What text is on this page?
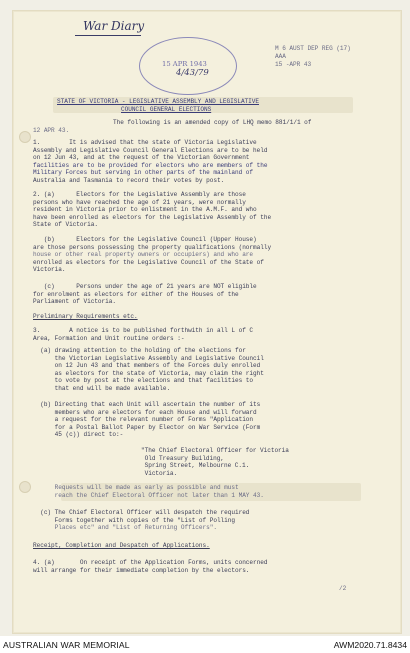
War Diary
15 APR 1943
4/43/79
M 6 AUST DEP REG (17)
AAA
15 -APR 43
STATE OF VICTORIA - LEGISLATIVE ASSEMBLY AND LEGISLATIVE
COUNCIL GENERAL ELECTIONS
The following is an amended copy of LHQ memo 881/1/1 of
12 APR 43.
1.        It is advised that the state of Victoria Legislative
Assembly and Legislative Council General Elections are to be held
on 12 Jun 43, and at the request of the Victorian Government
facilities are to be provided for electors who are members of the
Military Forces but serving in other parts of the mainland of
Australia and Tasmania to record their votes by post.
2. (a)      Electors for the Legislative Assembly are those
persons who have reached the age of 21 years, were normally
resident in Victoria prior to enlistment in the A.M.F. and who
have been enrolled as electors for the Legislative Assembly of the
State of Victoria.
(b)      Electors for the Legislative Council (Upper House)
are those persons possessing the property qualifications (normally
house or other real property owners or occupiers) and who are
enrolled as electors for the Legislative Council of the State of
Victoria.
(c)      Persons under the age of 21 years are NOT eligible
for enrolment as electors for either of the Houses of the
Parliament of Victoria.
Preliminary Requirements etc.
3.        A notice is to be published forthwith in all L of C
Area, Formation and Unit routine orders :-
(a) drawing attention to the holding of the elections for
the Victorian Legislative Assembly and Legislative Council
on 12 Jun 43 and that members of the Forces duly enrolled
as electors for the state of Victoria, may claim the right
to vote by post at the elections and that facilities to
that end will be made available.
(b) Directing that each Unit will ascertain the number of its
members who are electors for each House and will forward
a request for the relevant number of Forms "Application
for a Postal Ballot Paper by Elector on War Service (Form
45 (c)) direct to:-
"The Chief Electoral Officer for Victoria
Old Treasury Building,
Spring Street, Melbourne C.1.
Victoria.
Requests will be made as early as possible and must
reach the Chief Electoral Officer not later than 1 MAY 43.
(c) The Chief Electoral Officer will despatch the required
Forms together with copies of the "List of Polling
Places etc" and "List of Returning Officers".
Receipt, Completion and Despatch of Applications.
4. (a)       On receipt of the Application Forms, units concerned
will arrange for their immediate completion by the electors.
/2
AUSTRALIAN WAR MEMORIAL	AWM2020.71.8434
